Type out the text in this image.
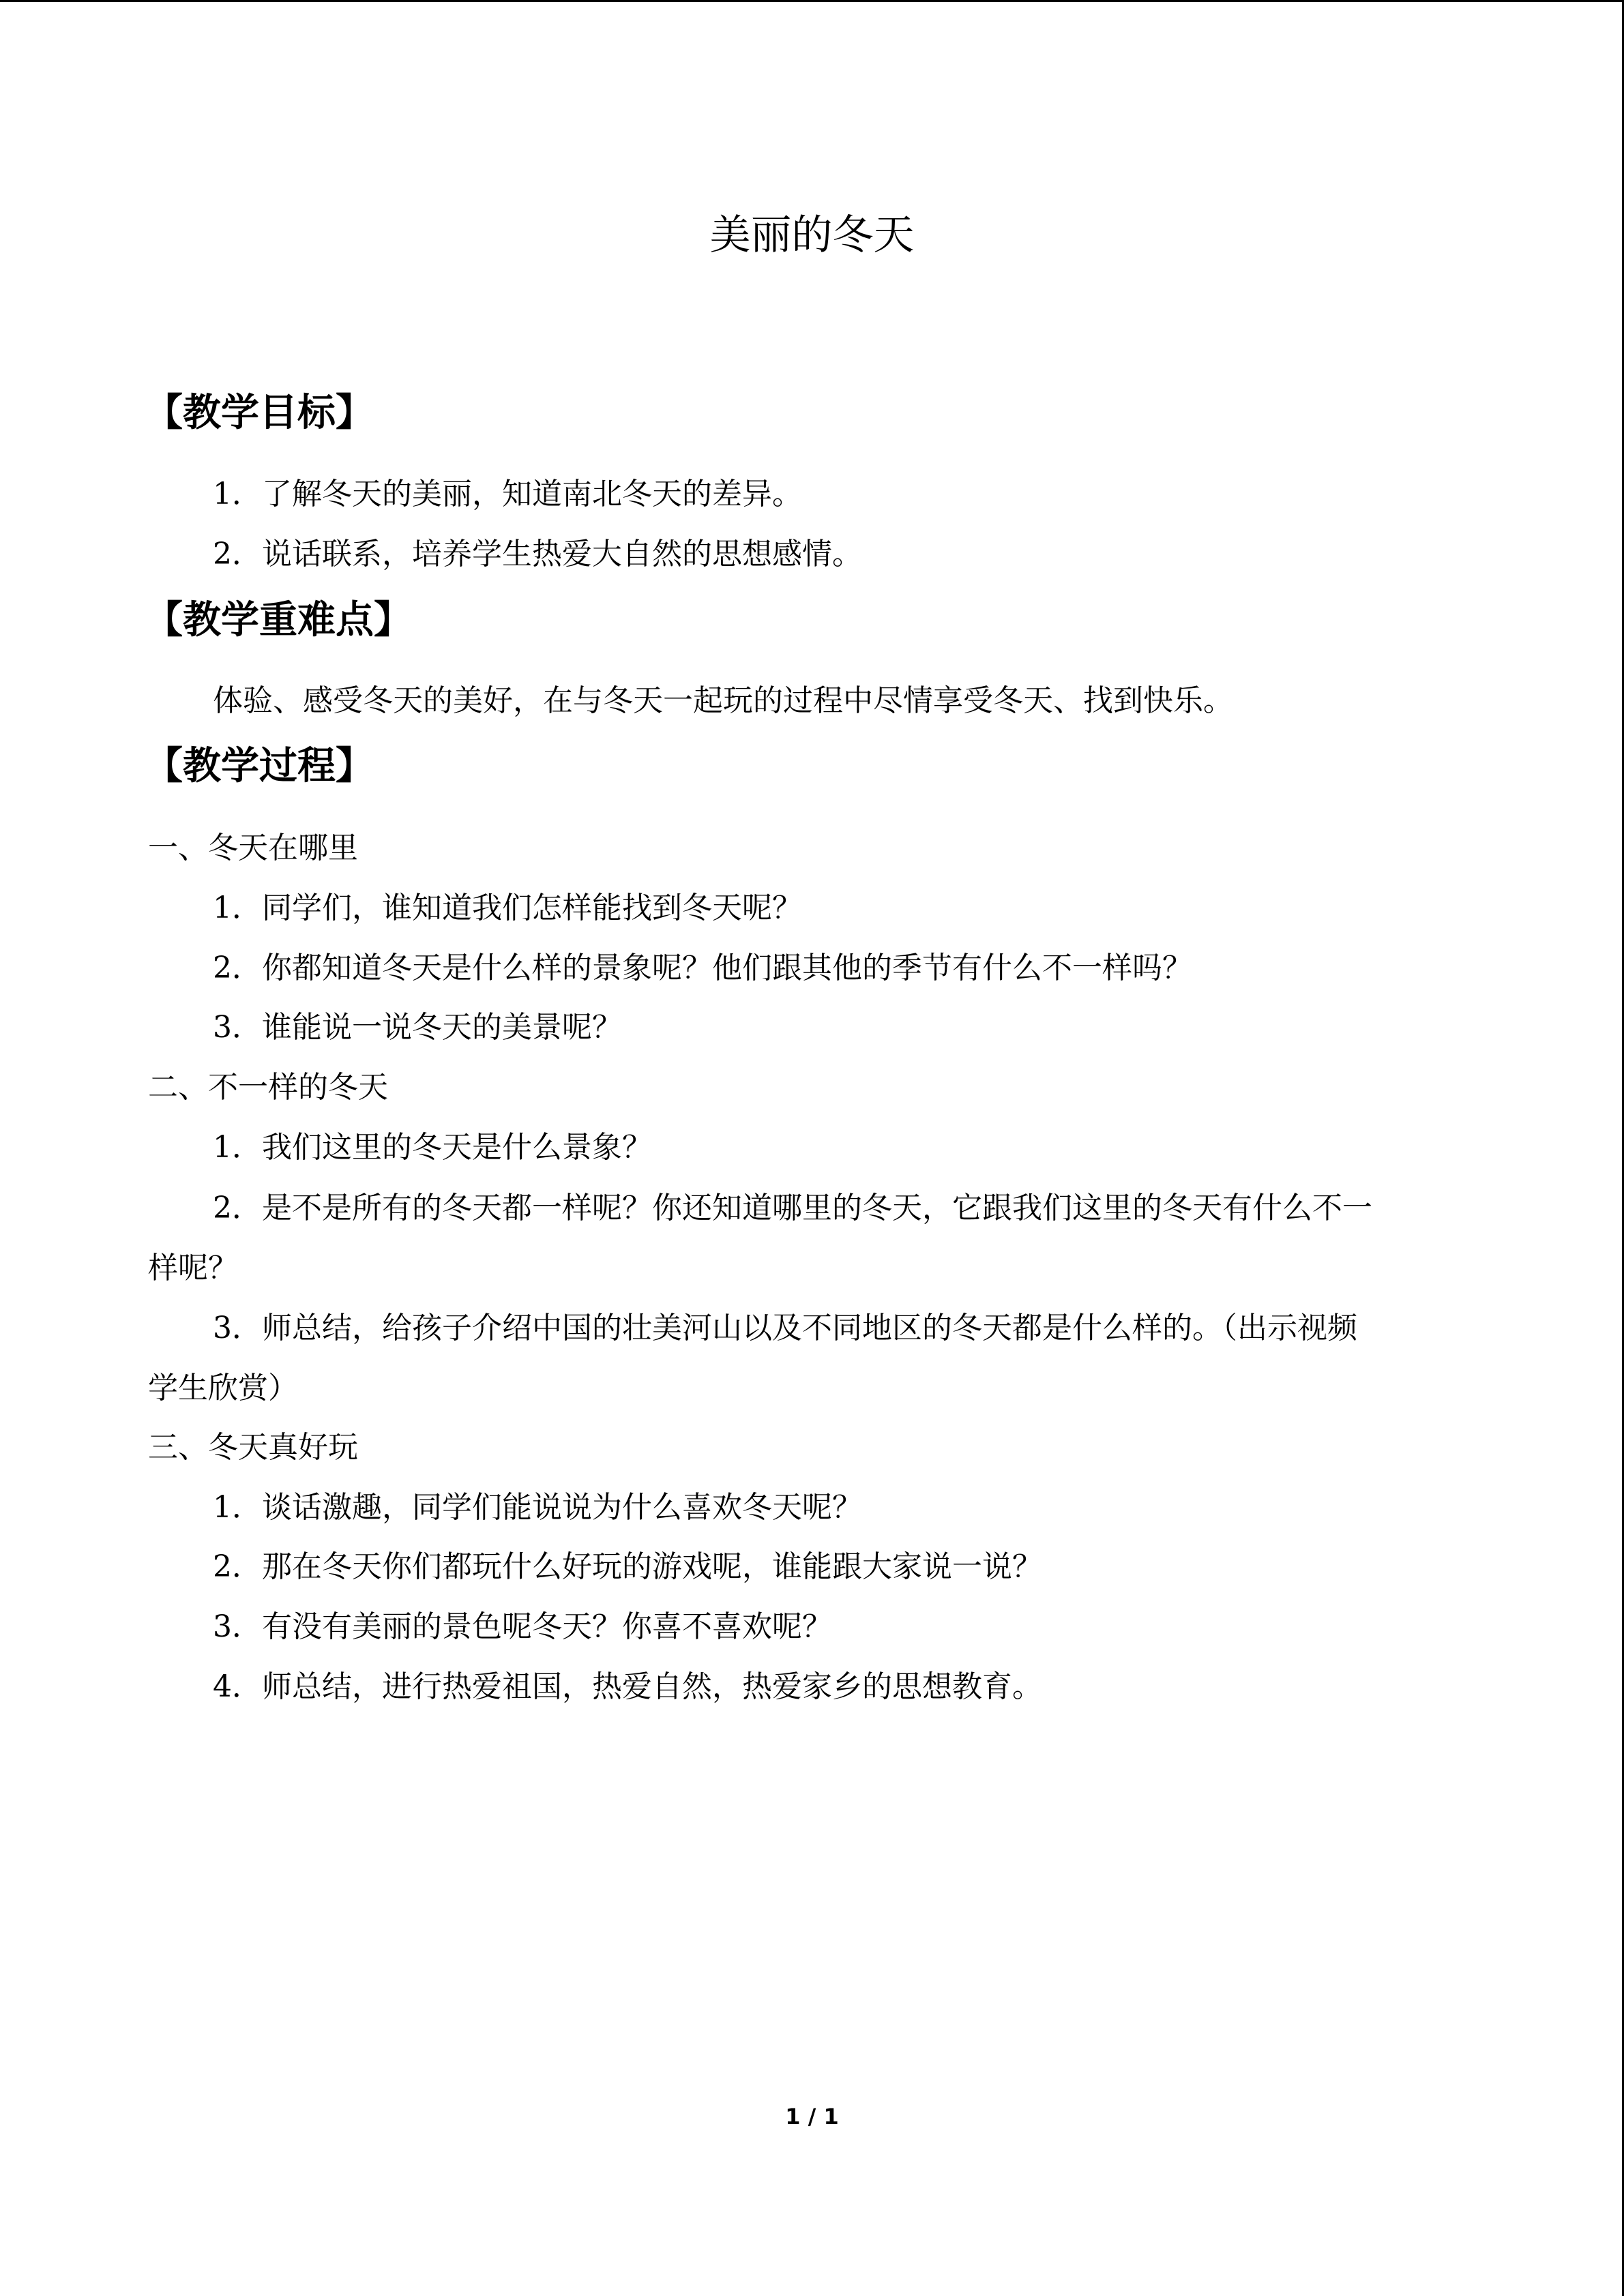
美丽的冬天
【教学目标】
1．了解冬天的美丽，知道南北冬天的差异。
2．说话联系，培养学生热爱大自然的思想感情。
【教学重难点】
体验、感受冬天的美好，在与冬天一起玩的过程中尽情享受冬天、找到快乐。
【教学过程】
一、冬天在哪里
1．同学们，谁知道我们怎样能找到冬天呢？
2．你都知道冬天是什么样的景象呢？他们跟其他的季节有什么不一样吗？
3．谁能说一说冬天的美景呢？
二、不一样的冬天
1．我们这里的冬天是什么景象？
2．是不是所有的冬天都一样呢？你还知道哪里的冬天，它跟我们这里的冬天有什么不一
样呢？
3．师总结，给孩子介绍中国的壮美河山以及不同地区的冬天都是什么样的。（出示视频
学生欣赏）
三、冬天真好玩
1．谈话激趣，同学们能说说为什么喜欢冬天呢？
2．那在冬天你们都玩什么好玩的游戏呢，谁能跟大家说一说？
3．有没有美丽的景色呢冬天？你喜不喜欢呢？
4．师总结，进行热爱祖国，热爱自然，热爱家乡的思想教育。
1 / 1
